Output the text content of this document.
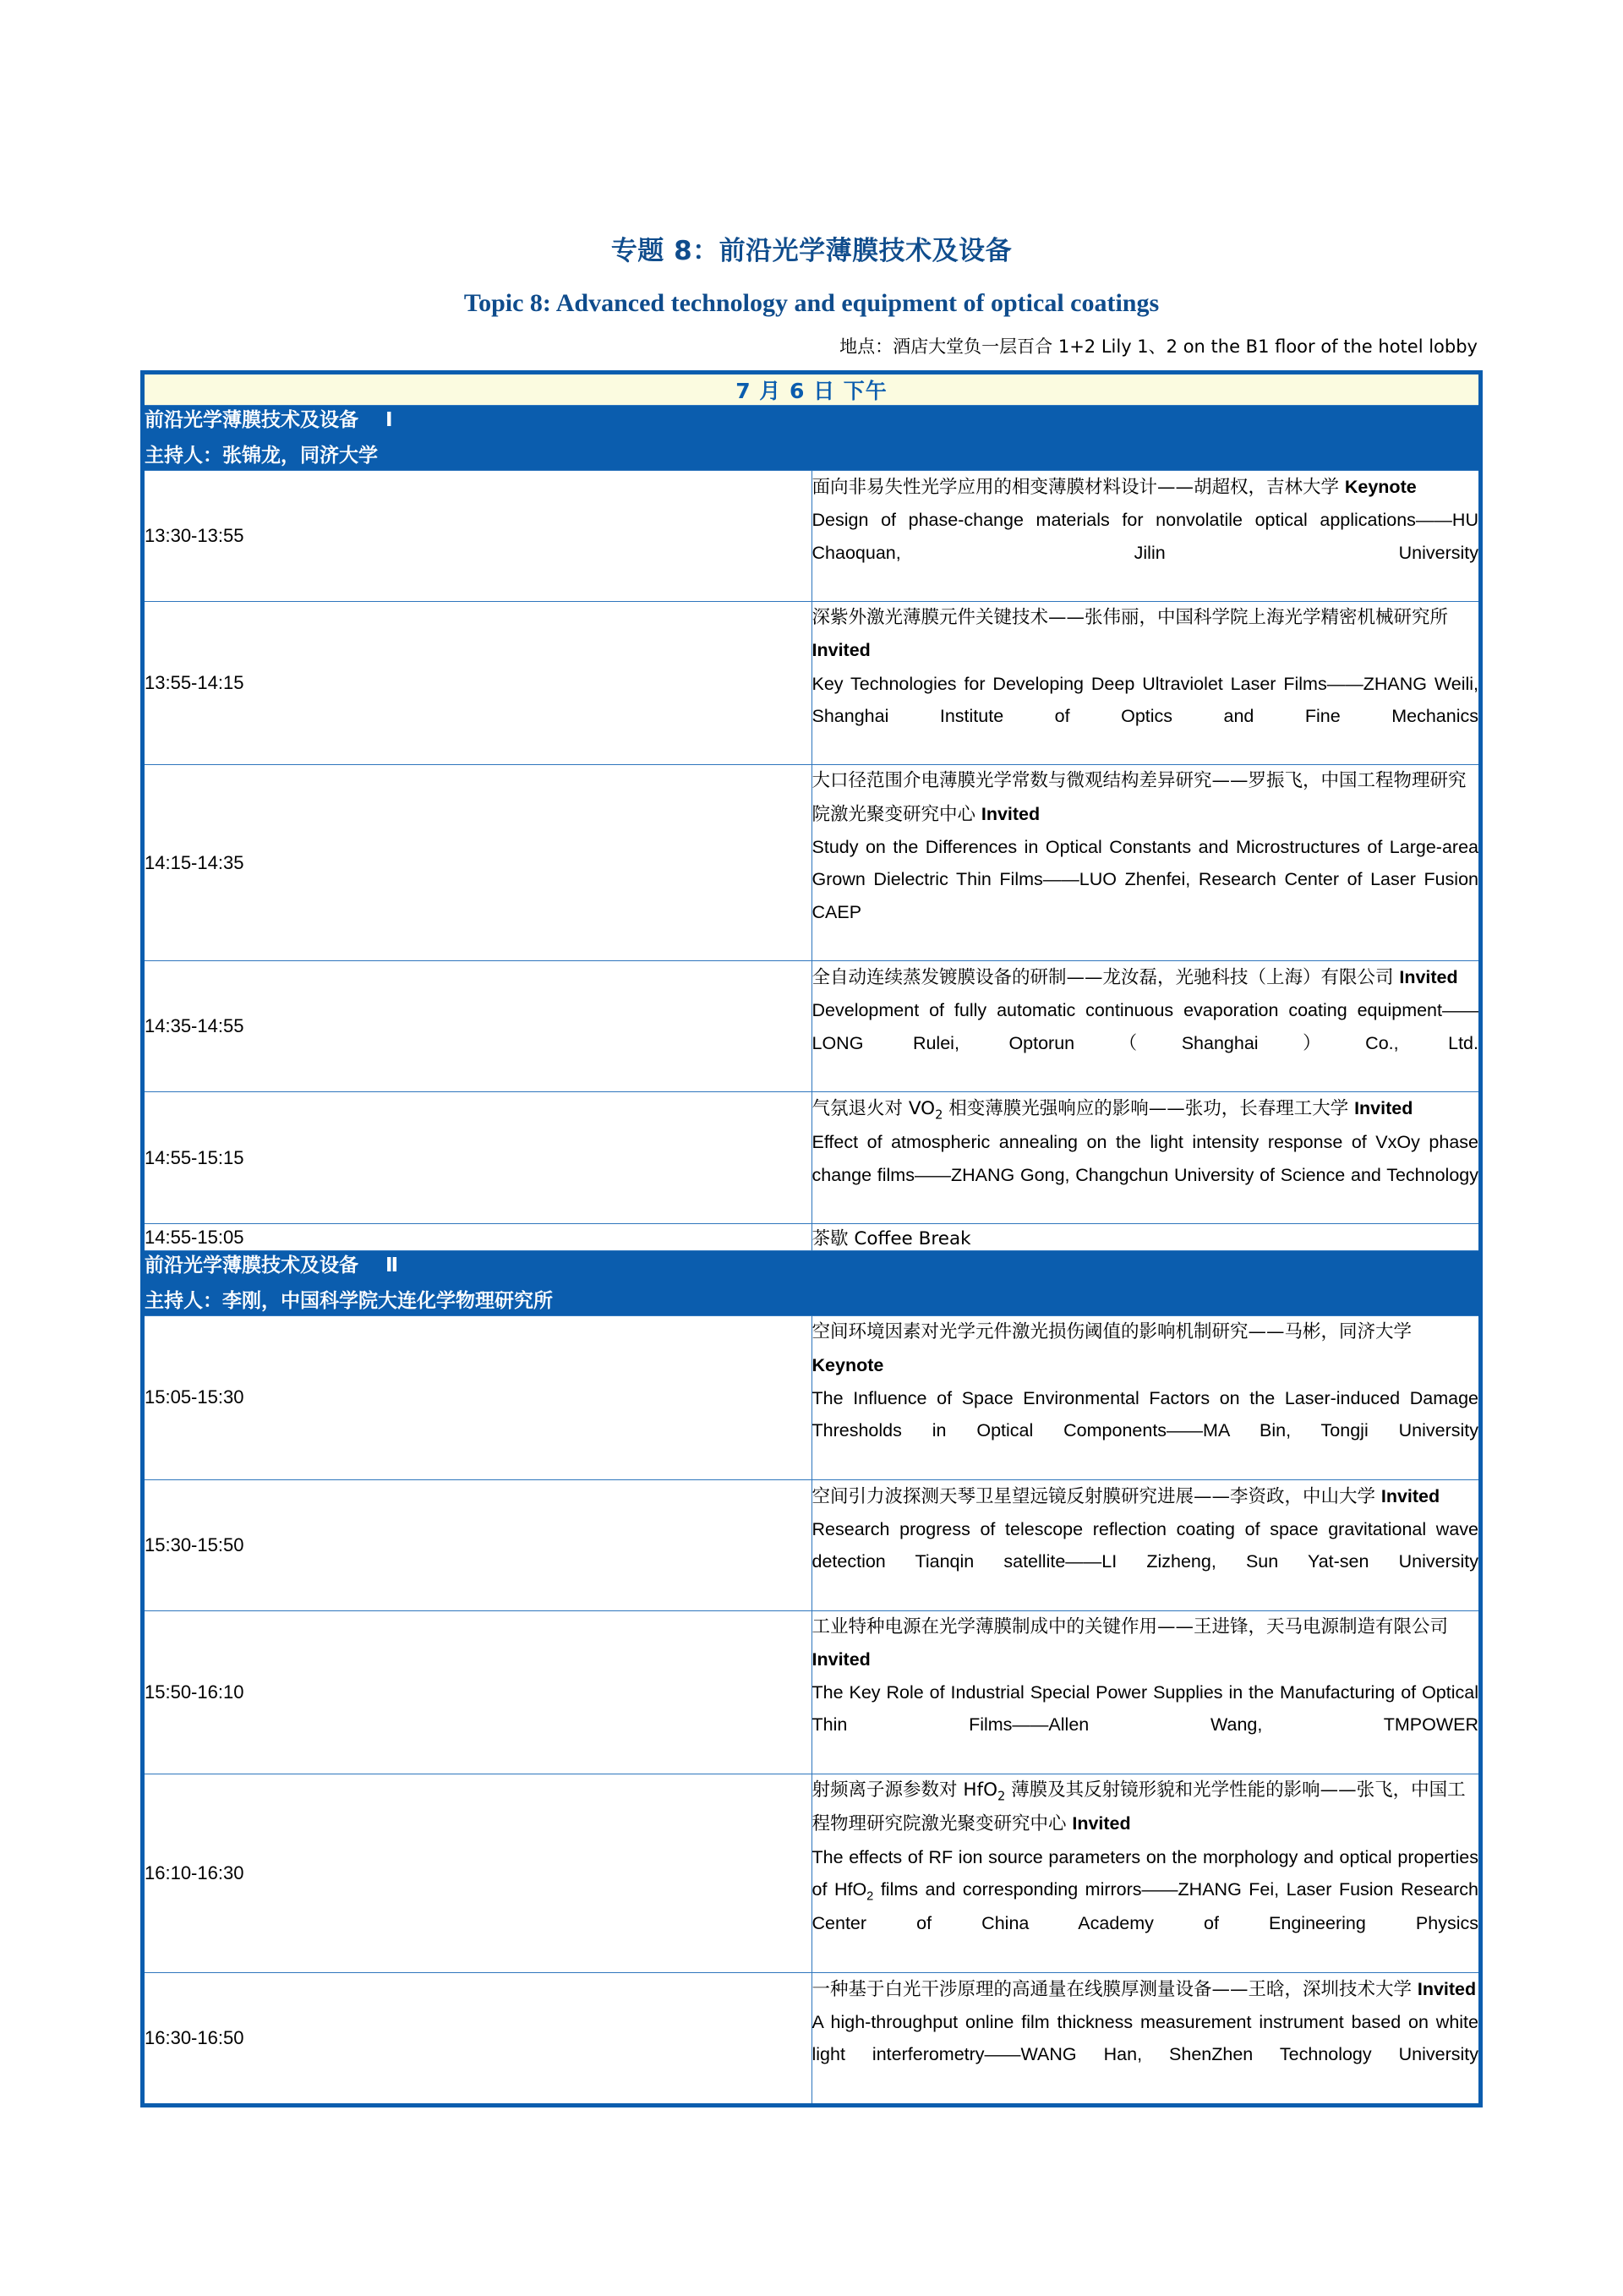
专题 8：前沿光学薄膜技术及设备
Topic 8: Advanced technology and equipment of optical coatings
地点：酒店大堂负一层百合 1+2 Lily 1、2 on the B1 floor of the hotel lobby
7 月 6 日 下午	

前沿光学薄膜技术及设备    Ⅰ
主持人：张锦龙，同济大学	

13:30-13:55	面向非易失性光学应用的相变薄膜材料设计——胡超权，吉林大学 Keynote
Design of phase-change materials for nonvolatile optical applications——HU Chaoquan, Jilin University

13:55-14:15	深紫外激光薄膜元件关键技术——张伟丽，中国科学院上海光学精密机械研究所 Invited
Key Technologies for Developing Deep Ultraviolet Laser Films——ZHANG Weili, Shanghai Institute of Optics and Fine Mechanics

14:15-14:35	大口径范围介电薄膜光学常数与微观结构差异研究——罗振飞，中国工程物理研究院激光聚变研究中心 Invited
Study on the Differences in Optical Constants and Microstructures of Large-area Grown Dielectric Thin Films——LUO Zhenfei, Research Center of Laser Fusion CAEP

14:35-14:55	全自动连续蒸发镀膜设备的研制——龙汝磊，光驰科技（上海）有限公司 Invited
Development of fully automatic continuous evaporation coating equipment——LONG Rulei, Optorun（Shanghai）Co., Ltd.

14:55-15:15	气氛退火对 $VO_2$ 相变薄膜光强响应的影响——张功，长春理工大学 Invited
Effect of atmospheric annealing on the light intensity response of VxOy phase change films——ZHANG Gong, Changchun University of Science and Technology

14:55-15:05	茶歇 Coffee Break

前沿光学薄膜技术及设备    Ⅱ
主持人：李刚，中国科学院大连化学物理研究所	

15:05-15:30	空间环境因素对光学元件激光损伤阈值的影响机制研究——马彬，同济大学 Keynote
The Influence of Space Environmental Factors on the Laser-induced Damage Thresholds in Optical Components——MA Bin, Tongji University

15:30-15:50	空间引力波探测天琴卫星望远镜反射膜研究进展——李资政，中山大学 Invited
Research progress of telescope reflection coating of space gravitational wave detection Tianqin satellite——LI Zizheng, Sun Yat-sen University

15:50-16:10	工业特种电源在光学薄膜制成中的关键作用——王进锋，天马电源制造有限公司 Invited
The Key Role of Industrial Special Power Supplies in the Manufacturing of Optical Thin Films——Allen Wang, TMPOWER

16:10-16:30	射频离子源参数对 HfO$_2$ 薄膜及其反射镜形貌和光学性能的影响——张飞，中国工程物理研究院激光聚变研究中心 Invited
The effects of RF ion source parameters on the morphology and optical properties of HfO$_2$ films and corresponding mirrors——ZHANG Fei, Laser Fusion Research Center of China Academy of Engineering Physics

16:30-16:50	一种基于白光干涉原理的高通量在线膜厚测量设备——王晗，深圳技术大学 Invited
A high-throughput online film thickness measurement instrument based on white light interferometry——WANG Han, ShenZhen Technology University
